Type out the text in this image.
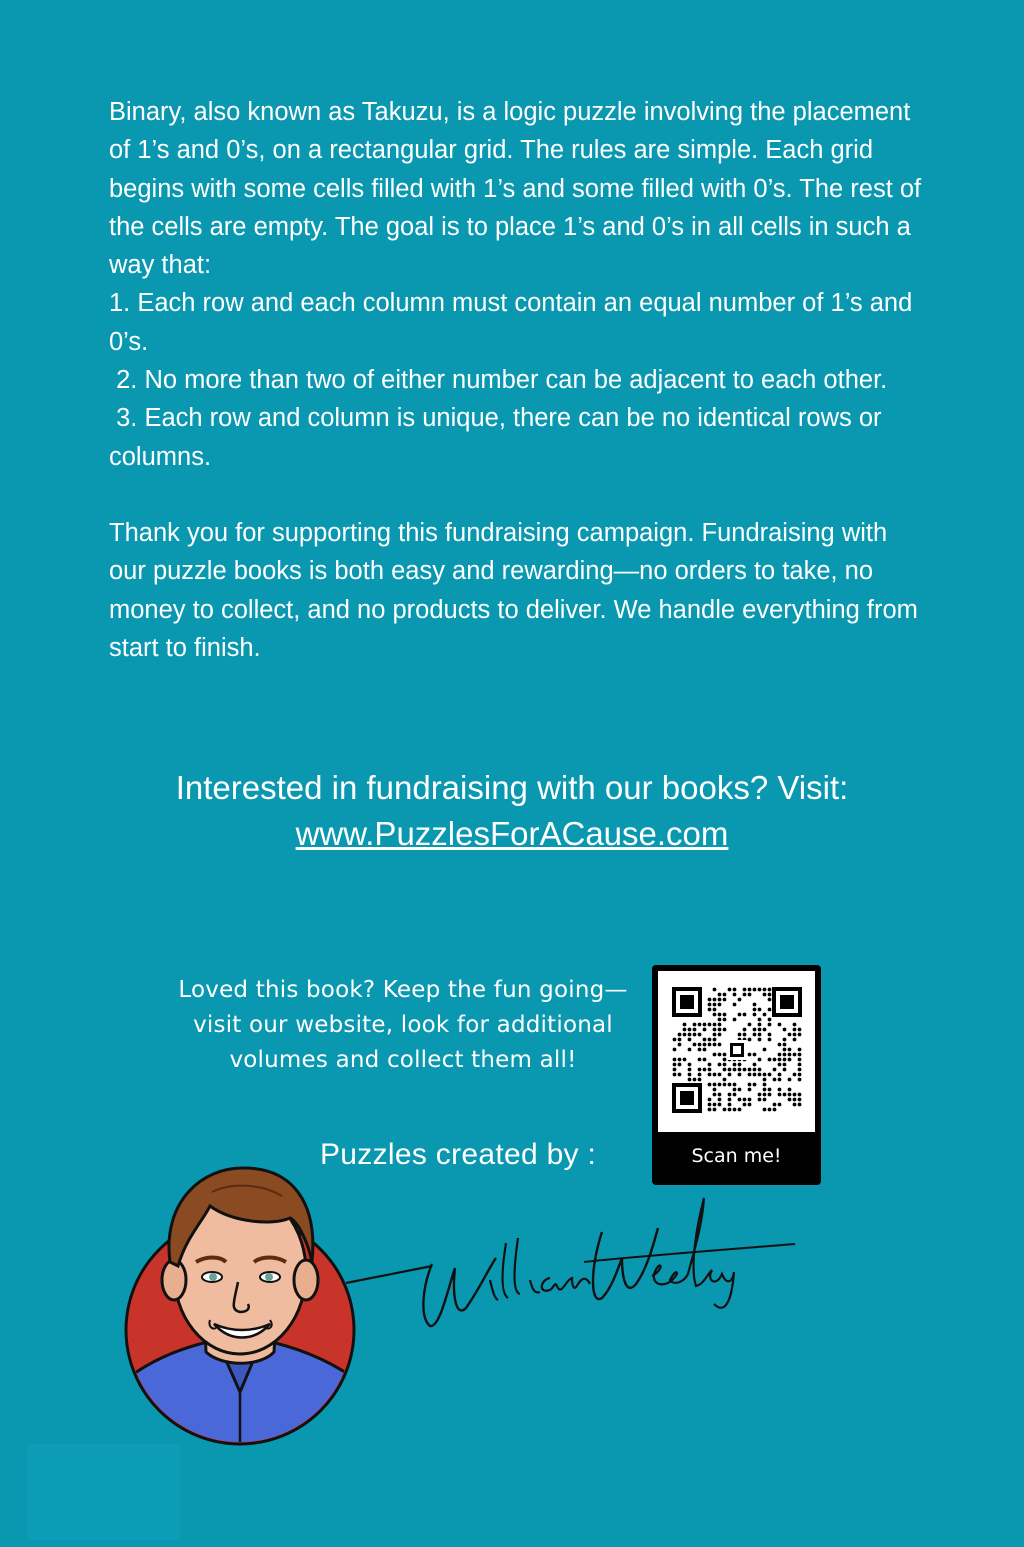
Binary, also known as Takuzu, is a logic puzzle involving the placement of 1’s and 0’s, on a rectangular grid. The rules are simple. Each grid begins with some cells filled with 1’s and some filled with 0’s. The rest of the cells are empty. The goal is to place 1’s and 0’s in all cells in such a way that:

1. Each row and each column must contain an equal number of 1’s and 0’s.

2. No more than two of either number can be adjacent to each other.

3. Each row and column is unique, there can be no identical rows or columns.

Thank you for supporting this fundraising campaign. Fundraising with our puzzle books is both easy and rewarding—no orders to take, no money to collect, and no products to deliver. We handle everything from start to finish.

Interested in fundraising with our books? Visit:
www.PuzzlesForACause.com
Loved this book? Keep the fun going—visit our website, look for additional volumes and collect them all!
Scan me!
Puzzles created by :
